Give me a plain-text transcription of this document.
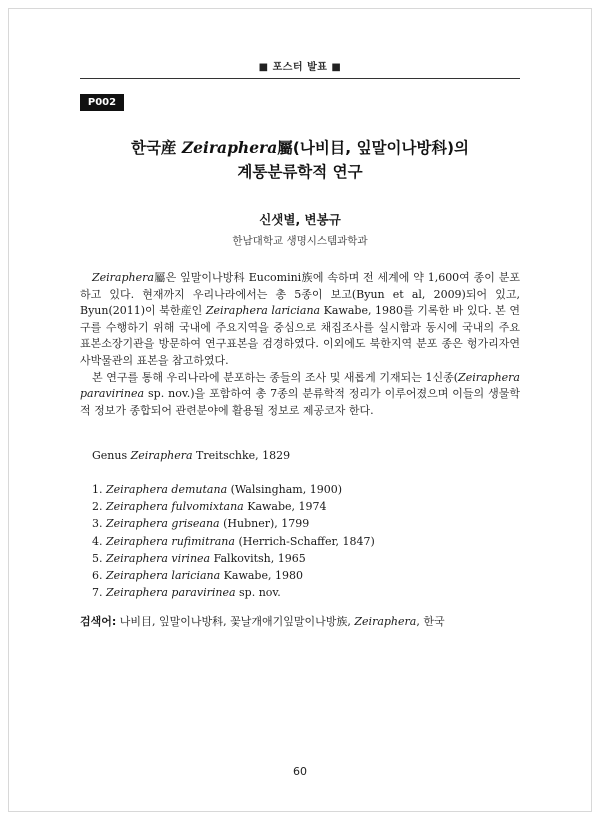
■ 포스터 발표 ■
P002
한국産 Zeiraphera屬(나비目, 잎말이나방科)의
계통분류학적 연구
신샛별, 변봉규
한남대학교 생명시스템과학과

Zeiraphera屬은 잎말이나방科 Eucomini族에 속하며 전 세계에 약 1,600여 종이 분포하고 있다. 현재까지 우리나라에서는 총 5종이 보고(Byun et al, 2009)되어 있고, Byun(2011)이 북한産인 Zeiraphera lariciana Kawabe, 1980를 기록한 바 있다. 본 연구를 수행하기 위해 국내에 주요지역을 중심으로 채집조사를 실시함과 동시에 국내의 주요 표본소장기관을 방문하여 연구표본을 검경하였다. 이외에도 북한지역 분포 종은 헝가리자연사박물관의 표본을 참고하였다.

본 연구를 통해 우리나라에 분포하는 종들의 조사 및 새롭게 기재되는 1신종(Zeiraphera paravirinea sp. nov.)을 포함하여 총 7종의 분류학적 정리가 이루어졌으며 이들의 생물학적 정보가 종합되어 관련분야에 활용될 정보로 제공코자 한다.

Genus Zeiraphera Treitschke, 1829
1. Zeiraphera demutana (Walsingham, 1900)
2. Zeiraphera fulvomixtana Kawabe, 1974
3. Zeiraphera griseana (Hubner), 1799
4. Zeiraphera rufimitrana (Herrich-Schaffer, 1847)
5. Zeiraphera virinea Falkovitsh, 1965
6. Zeiraphera lariciana Kawabe, 1980
7. Zeiraphera paravirinea sp. nov.
검색어: 나비目, 잎말이나방科, 꽃날개애기잎말이나방族, Zeiraphera, 한국
60
